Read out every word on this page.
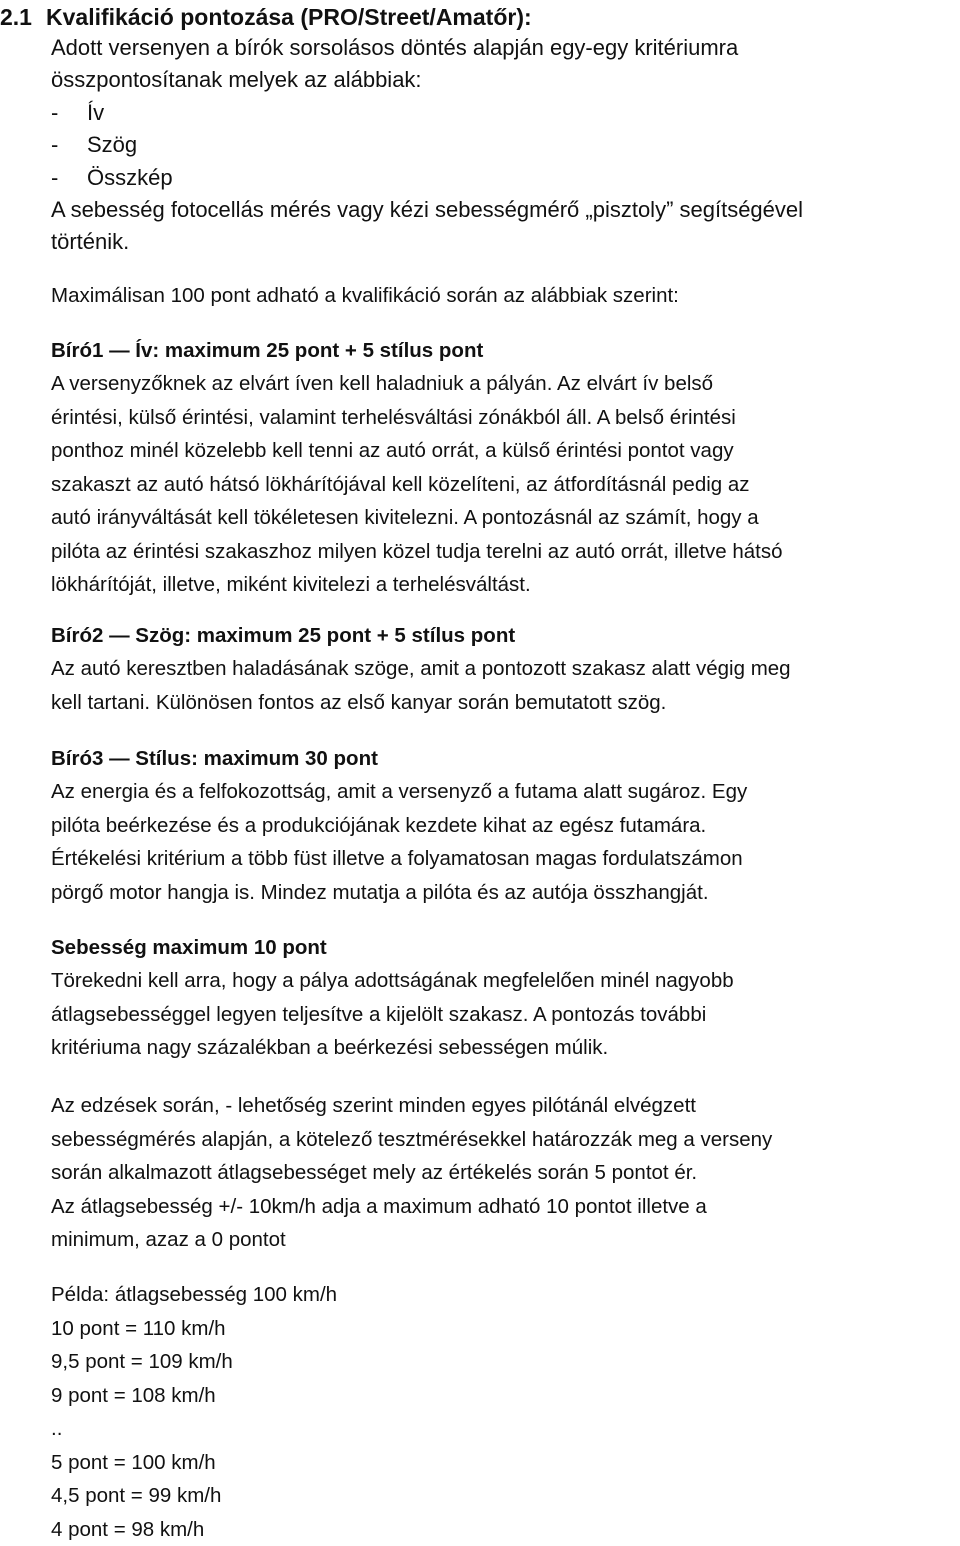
2.1 Kvalifikáció pontozása (PRO/Street/Amatőr):
Adott versenyen a bírók sorsolásos döntés alapján egy-egy kritériumra
összpontosítanak melyek az alábbiak:
- Ív
- Szög
- Összkép
A sebesség fotocellás mérés vagy kézi sebességmérő „pisztoly” segítségével
történik.
Maximálisan 100 pont adható a kvalifikáció során az alábbiak szerint:
Bíró1 — Ív: maximum 25 pont + 5 stílus pont
A versenyzőknek az elvárt íven kell haladniuk a pályán. Az elvárt ív belső
érintési, külső érintési, valamint terhelésváltási zónákból áll. A belső érintési
ponthoz minél közelebb kell tenni az autó orrát, a külső érintési pontot vagy
szakaszt az autó hátsó lökhárítójával kell közelíteni, az átfordításnál pedig az
autó irányváltását kell tökéletesen kivitelezni. A pontozásnál az számít, hogy a
pilóta az érintési szakaszhoz milyen közel tudja terelni az autó orrát, illetve hátsó
lökhárítóját, illetve, miként kivitelezi a terhelésváltást.
Bíró2 — Szög: maximum 25 pont + 5 stílus pont
Az autó keresztben haladásának szöge, amit a pontozott szakasz alatt végig meg
kell tartani. Különösen fontos az első kanyar során bemutatott szög.
Bíró3 — Stílus: maximum 30 pont
Az energia és a felfokozottság, amit a versenyző a futama alatt sugároz. Egy
pilóta beérkezése és a produkciójának kezdete kihat az egész futamára.
Értékelési kritérium a több füst illetve a folyamatosan magas fordulatszámon
pörgő motor hangja is. Mindez mutatja a pilóta és az autója összhangját.
Sebesség maximum 10 pont
Törekedni kell arra, hogy a pálya adottságának megfelelően minél nagyobb
átlagsebességgel legyen teljesítve a kijelölt szakasz. A pontozás további
kritériuma nagy százalékban a beérkezési sebességen múlik.
Az edzések során, - lehetőség szerint minden egyes pilótánál elvégzett
sebességmérés alapján, a kötelező tesztmérésekkel határozzák meg a verseny
során alkalmazott átlagsebességet mely az értékelés során 5 pontot ér.
Az átlagsebesség +/- 10km/h adja a maximum adható 10 pontot illetve a
minimum, azaz a 0 pontot
Példa: átlagsebesség 100 km/h
10 pont = 110 km/h
9,5 pont = 109 km/h
9 pont = 108 km/h
..
5 pont = 100 km/h
4,5 pont = 99 km/h
4 pont = 98 km/h
